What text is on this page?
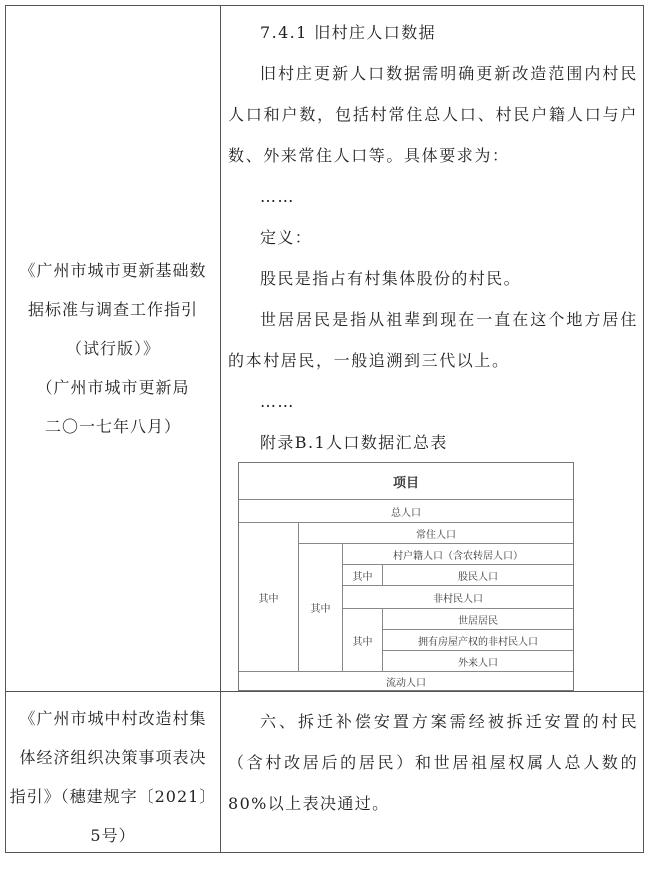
《广州市城市更新基础数
据标准与调查工作指引
（试行版）》
（广州市城市更新局
二〇一七年八月）
《广州市城中村改造村集
体经济组织决策事项表决
指引》（穗建规字〔2021〕
5号）
7.4.1 旧村庄人口数据
旧村庄更新人口数据需明确更新改造范围内村民人口和户数，包括村常住总人口、村民户籍人口与户数、外来常住人口等。具体要求为：
……
定义：
股民是指占有村集体股份的村民。
世居居民是指从祖辈到现在一直在这个地方居住的本村居民，一般追溯到三代以上。
……
附录B.1人口数据汇总表
项目
总人口
常住人口
村户籍人口（含农转居人口）
其中	股民人口
非村民人口
其中
世居居民
拥有房屋产权的非村民人口
外来人口
其中
其中
流动人口
六、拆迁补偿安置方案需经被拆迁安置的村民（含村改居后的居民）和世居祖屋权属人总人数的80%以上表决通过。
